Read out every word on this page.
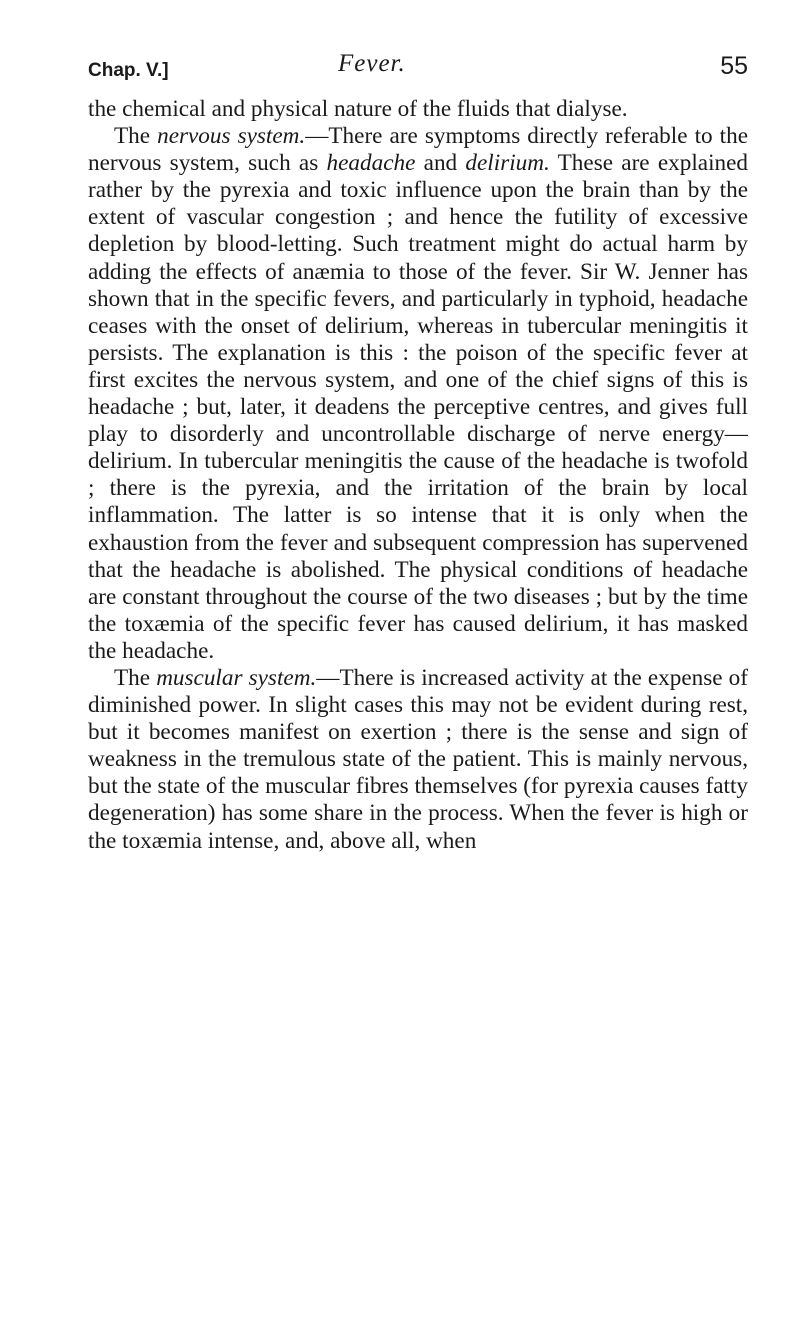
Chap. V.]	Fever.	55

the chemical and physical nature of the fluids that dialyse.

The nervous system.—There are symptoms directly referable to the nervous system, such as headache and delirium. These are explained rather by the pyrexia and toxic influence upon the brain than by the extent of vascular congestion ; and hence the futility of excessive depletion by blood-letting. Such treatment might do actual harm by adding the effects of anæmia to those of the fever. Sir W. Jenner has shown that in the specific fevers, and particularly in typhoid, headache ceases with the onset of delirium, whereas in tubercular meningitis it persists. The explanation is this : the poison of the specific fever at first excites the nervous system, and one of the chief signs of this is headache ; but, later, it deadens the perceptive centres, and gives full play to disorderly and uncontrollable discharge of nerve energy— delirium. In tubercular meningitis the cause of the headache is twofold ; there is the pyrexia, and the irritation of the brain by local inflammation. The latter is so intense that it is only when the exhaustion from the fever and subsequent compression has supervened that the headache is abolished. The physical conditions of headache are constant throughout the course of the two diseases ; but by the time the toxæmia of the specific fever has caused delirium, it has masked the headache.

The muscular system.—There is increased activity at the expense of diminished power. In slight cases this may not be evident during rest, but it becomes manifest on exertion ; there is the sense and sign of weakness in the tremulous state of the patient. This is mainly nervous, but the state of the muscular fibres themselves (for pyrexia causes fatty degeneration) has some share in the process. When the fever is high or the toxæmia intense, and, above all, when
